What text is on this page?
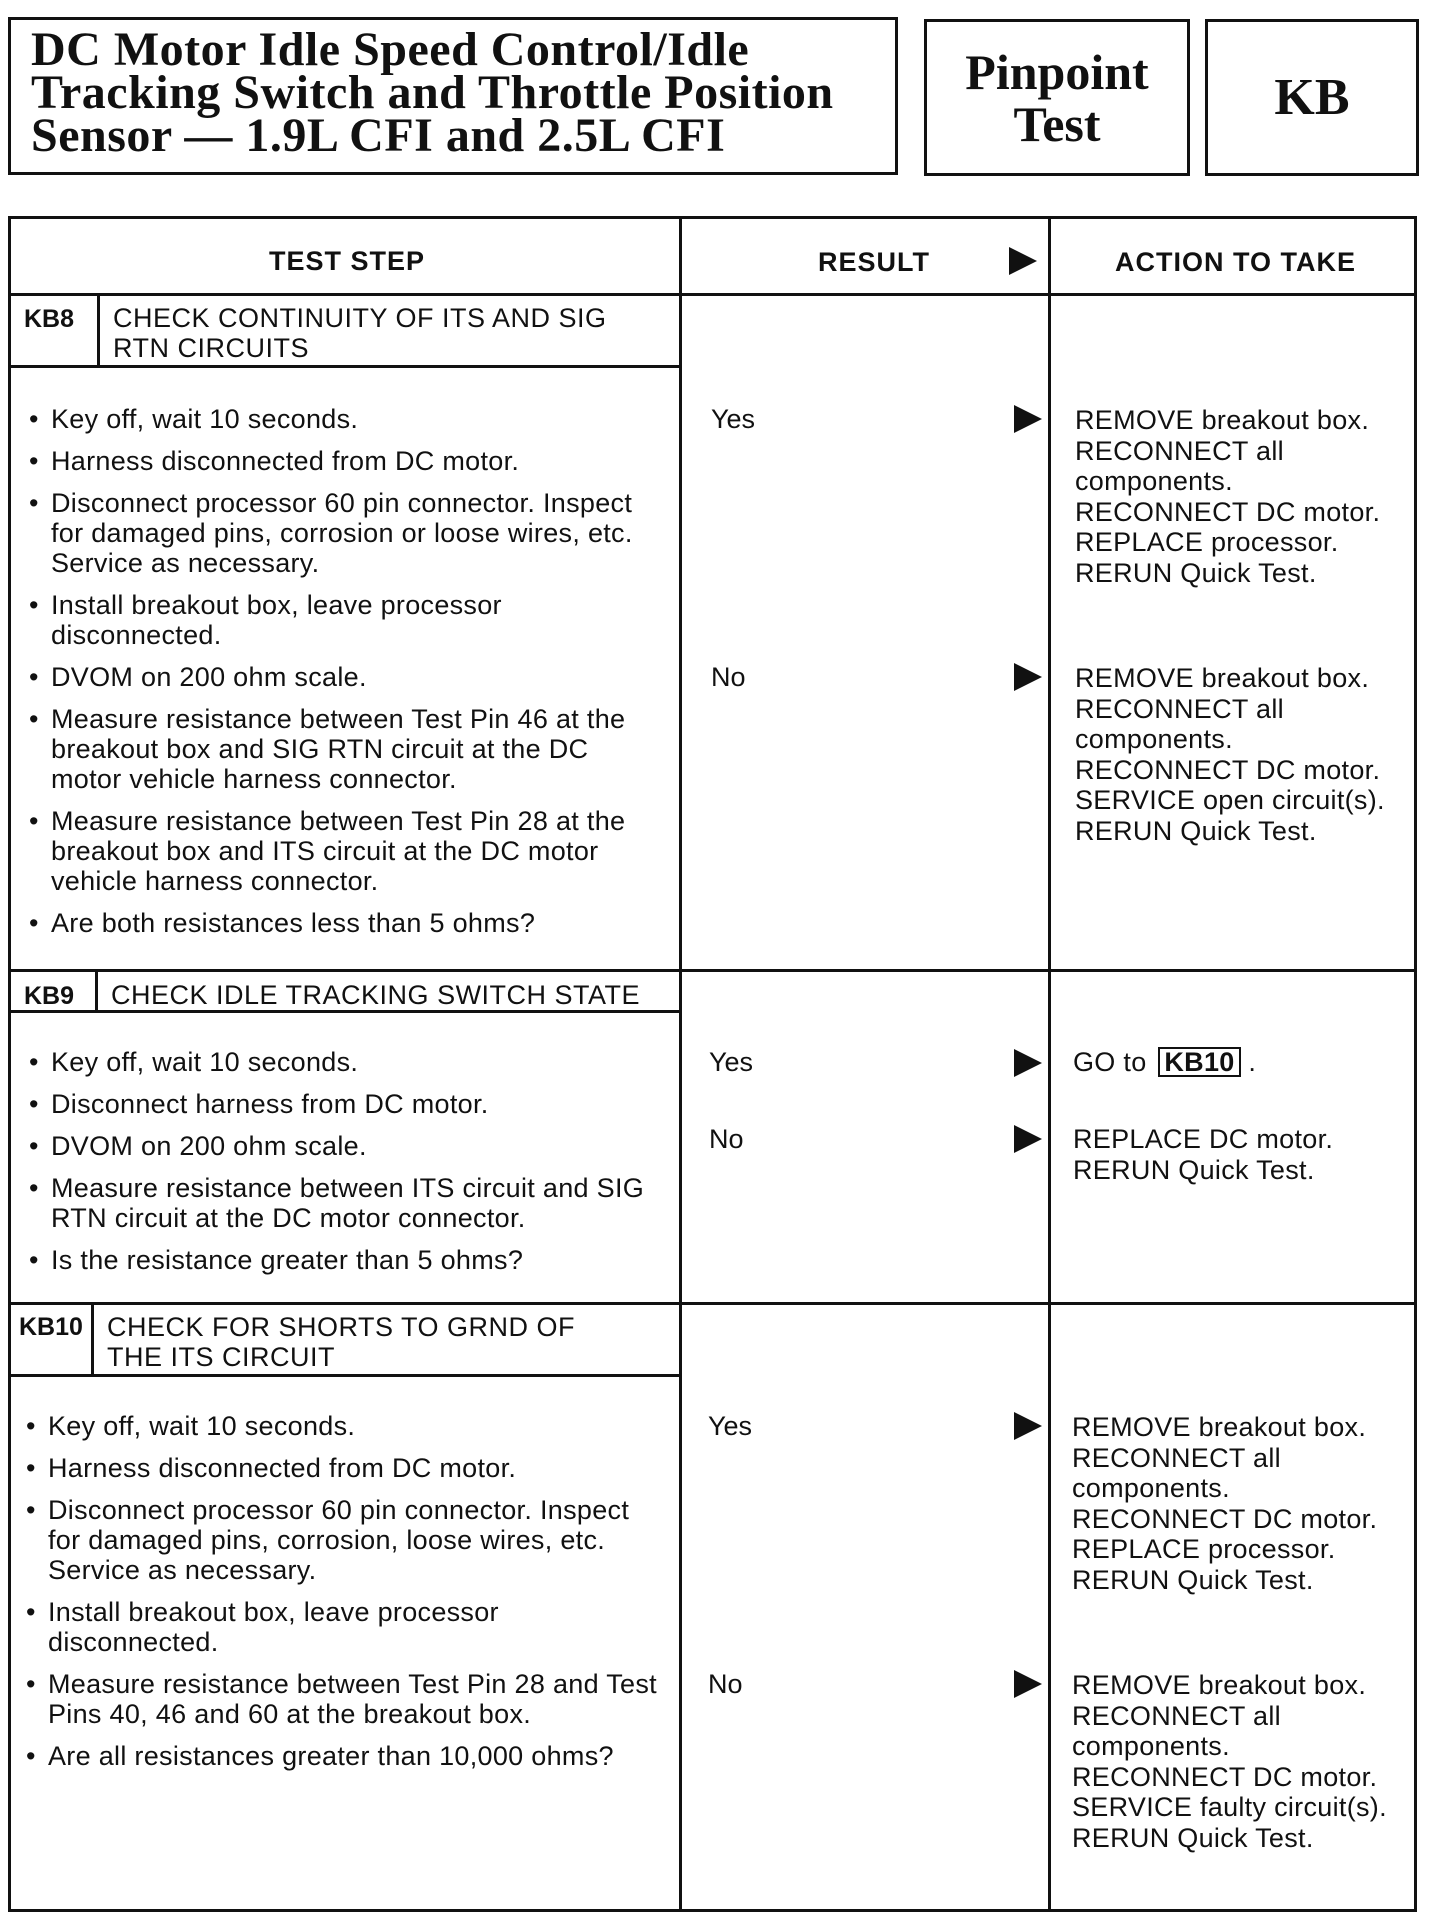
DC Motor Idle Speed Control/Idle
Tracking Switch and Throttle Position
Sensor — 1.9L CFI and 2.5L CFI
Pinpoint
Test	KB
TEST STEP	RESULT	ACTION TO TAKE
KB8 CHECK CONTINUITY OF ITS AND SIG RTN CIRCUITS
• Key off, wait 10 seconds.
• Harness disconnected from DC motor.
• Disconnect processor 60 pin connector. Inspect for damaged pins, corrosion or loose wires, etc. Service as necessary.
• Install breakout box, leave processor disconnected.
• DVOM on 200 ohm scale.
• Measure resistance between Test Pin 46 at the breakout box and SIG RTN circuit at the DC motor vehicle harness connector.
• Measure resistance between Test Pin 28 at the breakout box and ITS circuit at the DC motor vehicle harness connector.
• Are both resistances less than 5 ohms?
Yes	REMOVE breakout box. RECONNECT all components. RECONNECT DC motor. REPLACE processor. RERUN Quick Test.
No	REMOVE breakout box. RECONNECT all components. RECONNECT DC motor. SERVICE open circuit(s). RERUN Quick Test.
KB9 CHECK IDLE TRACKING SWITCH STATE
• Key off, wait 10 seconds.
• Disconnect harness from DC motor.
• DVOM on 200 ohm scale.
• Measure resistance between ITS circuit and SIG RTN circuit at the DC motor connector.
• Is the resistance greater than 5 ohms?
Yes	GO to KB10 .
No	REPLACE DC motor. RERUN Quick Test.
KB10 CHECK FOR SHORTS TO GRND OF THE ITS CIRCUIT
• Key off, wait 10 seconds.
• Harness disconnected from DC motor.
• Disconnect processor 60 pin connector. Inspect for damaged pins, corrosion, loose wires, etc. Service as necessary.
• Install breakout box, leave processor disconnected.
• Measure resistance between Test Pin 28 and Test Pins 40, 46 and 60 at the breakout box.
• Are all resistances greater than 10,000 ohms?
Yes	REMOVE breakout box. RECONNECT all components. RECONNECT DC motor. REPLACE processor. RERUN Quick Test.
No	REMOVE breakout box. RECONNECT all components. RECONNECT DC motor. SERVICE faulty circuit(s). RERUN Quick Test.
